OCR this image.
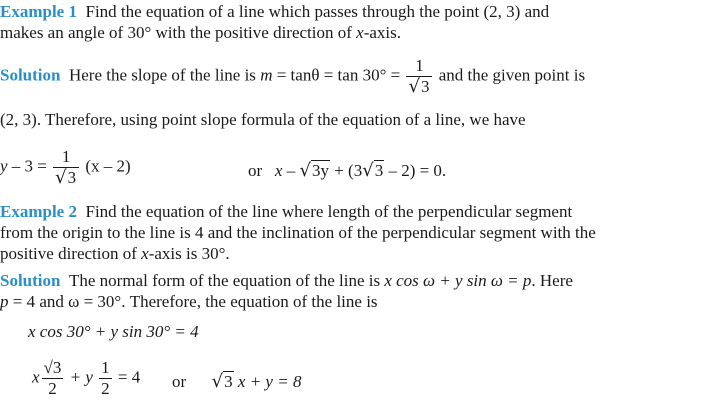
Example 1 Find the equation of a line which passes through the point (2, 3) and
makes an angle of 30° with the positive direction of x-axis.
Solution Here the slope of the line is $m = \tan\theta = \tan 30^\circ = \frac{1}{√3}$ and the given point is
(2, 3). Therefore, using point slope formula of the equation of a line, we have
$y - 3 = \frac{1}{√3} (x - 2)$	or x – √3y + (3√3 – 2) = 0.
Example 2 Find the equation of the line where length of the perpendicular segment
from the origin to the line is 4 and the inclination of the perpendicular segment with the
positive direction of x-axis is 30°.
Solution The normal form of the equation of the line is x cos ω + y sin ω = p. Here
p = 4 and ω = 30°. Therefore, the equation of the line is
x cos 30° + y sin 30° = 4
x $\frac{√3}{2} + y \frac{1}{2} = 4$ or √3 x + y = 8
